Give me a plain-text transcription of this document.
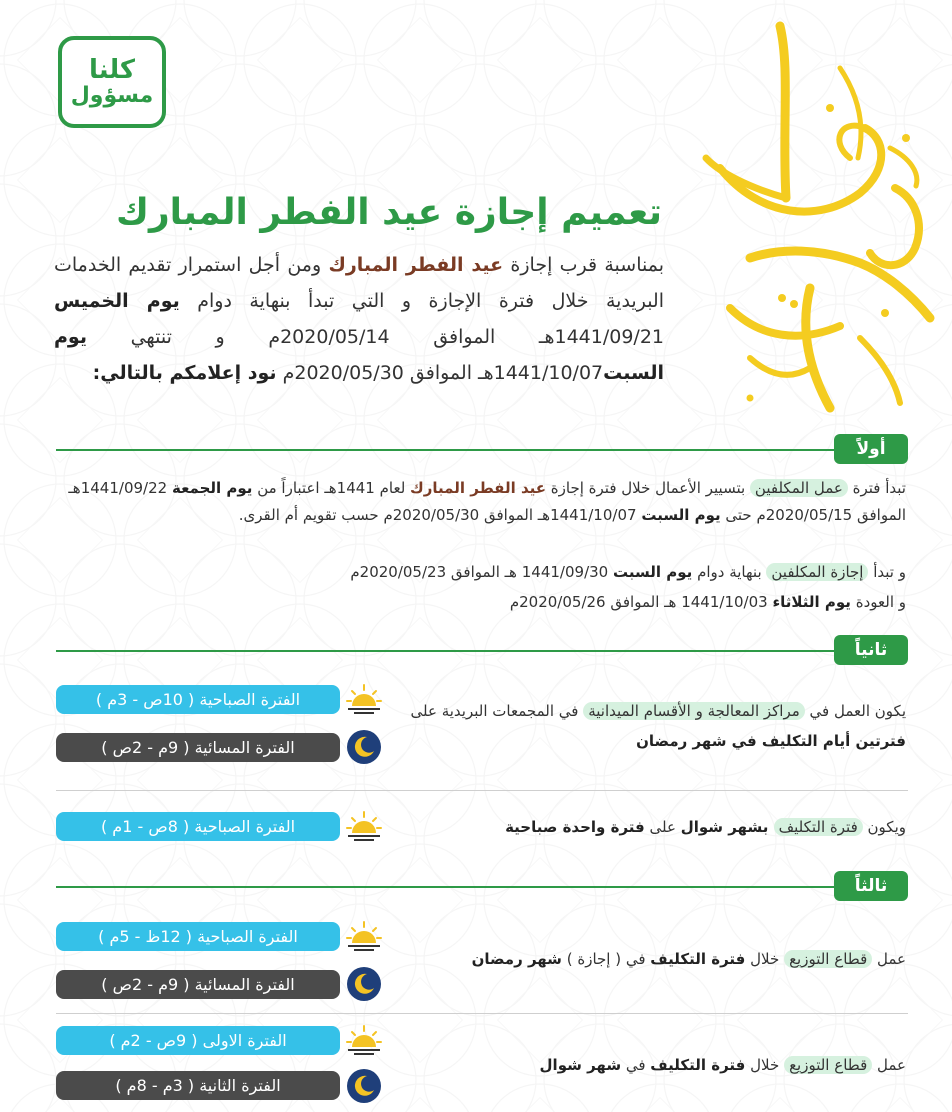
كلنا
مسؤول
تعميم إجازة عيد الفطر المبارك
بمناسبة قرب إجازة عيد الفطر المبارك ومن أجل استمرار تقديم الخدمات البريدية خلال فترة الإجازة و التي تبدأ بنهاية دوام يوم الخميس 1441/09/21هـ الموافق 2020/05/14م و تنتهي يوم السبت1441/10/07هـ الموافق 2020/05/30م نود إعلامكم بالتالي:
أولاً
تبدأ فترة عمل المكلفين بتسيير الأعمال خلال فترة إجازة عيد الفطر المبارك لعام 1441هـ اعتباراً من يوم الجمعة 1441/09/22هـ الموافق 2020/05/15م حتى يوم السبت 1441/10/07هـ الموافق 2020/05/30م حسب تقويم أم القرى.
و تبدأ إجازة المكلفين بنهاية دوام يوم السبت 1441/09/30 هـ الموافق 2020/05/23م
و العودة يوم الثلاثاء 1441/10/03 هـ الموافق 2020/05/26م
ثانياً
الفترة الصباحية ( 10ص - 3م )
الفترة المسائية ( 9م - 2ص )
يكون العمل في مراكز المعالجة و الأقسام الميدانية في المجمعات البريدية على فترتين أيام التكليف في شهر رمضان
الفترة الصباحية ( 8ص - 1م )	ويكون فترة التكليف بشهر شوال على فترة واحدة صباحية
ثالثاً
الفترة الصباحية ( 12ظ - 5م )
الفترة المسائية ( 9م - 2ص )
عمل قطاع التوزيع خلال فترة التكليف في ( إجازة ) شهر رمضان
الفترة الاولى ( 9ص - 2م )
الفترة الثانية ( 3م - 8م )
عمل قطاع التوزيع خلال فترة التكليف في شهر شوال
